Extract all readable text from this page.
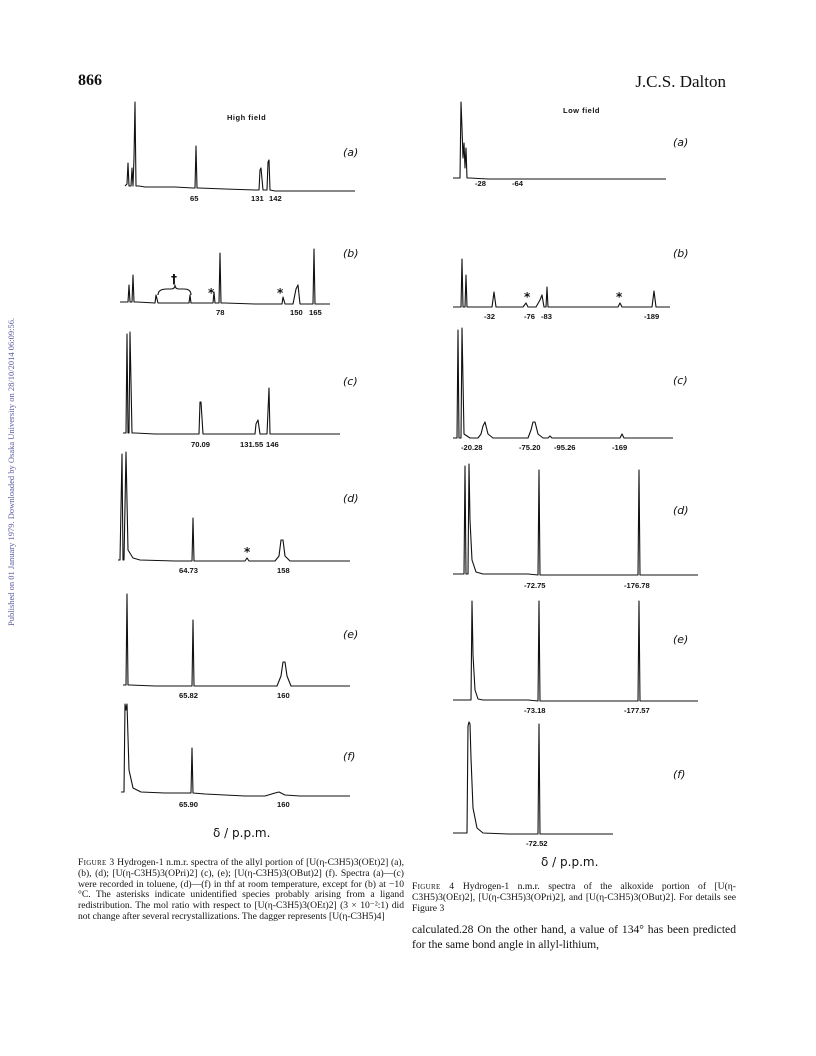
866	J.C.S. Dalton
Published on 01 January 1979. Downloaded by Osaka University on 28/10/2014 06:09:56.
High field
65	131 142
(a)
†
*	*
78	150 165
(b)
70.09	131.55 146
(c)
*
64.73	158
(d)
65.82	160
(e)
65.90	160
(f)
δ / p.p.m.
Figure 3 Hydrogen-1 n.m.r. spectra of the allyl portion of [U(η-C3H5)3(OEt)2] (a), (b), (d); [U(η-C3H5)3(OPri)2] (c), (e); [U(η-C3H5)3(OBut)2] (f). Spectra (a)—(c) were recorded in toluene, (d)—(f) in thf at room temperature, except for (b) at −10 °C. The asterisks indicate unidentified species probably arising from a ligand redistribution. The mol ratio with respect to [U(η-C3H5)3(OEt)2] (3 × 10⁻²:1) did not change after several recrystallizations. The dagger represents [U(η-C3H5)4]
Low field
-28	-64
(a)
*	*
-32	-76 -83	-189
(b)
-20.28	-75.20 -95.26	-169
(c)
-72.75	-176.78
(d)
-73.18	-177.57
(e)
-72.52
(f)
δ / p.p.m.
Figure 4 Hydrogen-1 n.m.r. spectra of the alkoxide portion of [U(η-C3H5)3(OEt)2], [U(η-C3H5)3(OPri)2], and [U(η-C3H5)3(OBut)2]. For details see Figure 3
calculated.28 On the other hand, a value of 134° has been predicted for the same bond angle in allyl-lithium,
